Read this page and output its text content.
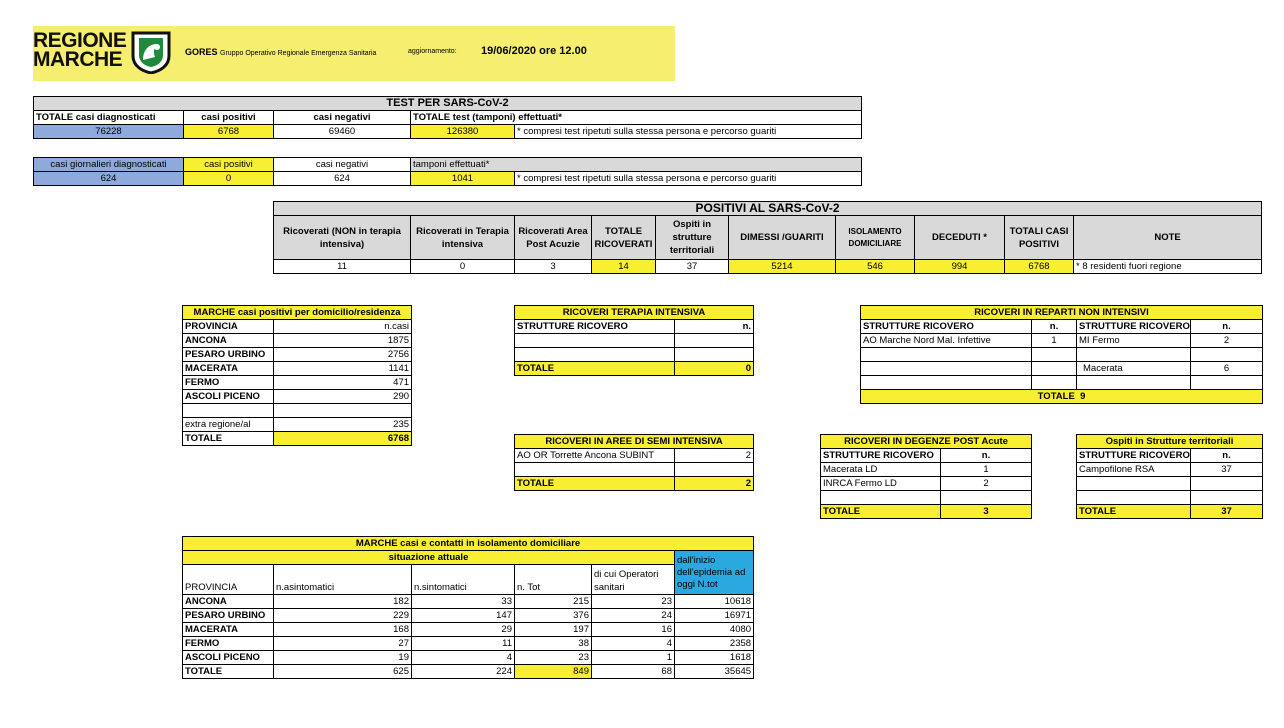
REGIONE
MARCHE	GORES Gruppo Operativo Regionale Emergenza Sanitaria	aggiornamento: 19/06/2020 ore 12.00
TEST PER SARS-CoV-2				
TOTALE casi diagnosticati	casi positivi	casi negativi	TOTALE test (tamponi) effettuati*	
76228	6768	69460	126380	* compresi test ripetuti sulla stessa persona e percorso guariti
casi giornalieri diagnosticati	casi positivi	casi negativi	tamponi effettuati*	
624	0	624	1041	* compresi test ripetuti sulla stessa persona e percorso guariti
POSITIVI AL SARS-CoV-2									
Ricoverati (NON in terapia intensiva)	Ricoverati in Terapia intensiva	Ricoverati Area Post Acuzie	TOTALE RICOVERATI	Ospiti in strutture territoriali	DIMESSI /GUARITI	ISOLAMENTO DOMICILIARE	DECEDUTI *	TOTALI CASI POSITIVI	NOTE
11	0	3	14	37	5214	546	994	6768	* 8 residenti fuori regione
MARCHE casi positivi per domicilio/residenza	
PROVINCIA	n.casi
ANCONA	1875
PESARO URBINO	2756
MACERATA	1141
FERMO	471
ASCOLI PICENO	290

extra regione/al	235
TOTALE	6768
RICOVERI TERAPIA INTENSIVA	
STRUTTURE RICOVERO	n.

TOTALE	0
RICOVERI IN REPARTI NON INTENSIVI			
STRUTTURE RICOVERO	n.	STRUTTURE RICOVERO	n.
AO Marche Nord Mal. Infettive	1	MI Fermo	2

		Macerata	6

TOTALE 9			
RICOVERI IN AREE DI SEMI INTENSIVA	
AO OR Torrette Ancona SUBINT	2

TOTALE	2
RICOVERI IN DEGENZE POST Acute	
STRUTTURE RICOVERO	n.
Macerata LD	1
INRCA Fermo LD	2

TOTALE	3
Ospiti in Strutture territoriali	
STRUTTURE RICOVERO	n.
Campofilone RSA	37

TOTALE	37
MARCHE casi e contatti in isolamento domiciliare					
situazione attuale					dall'inizio dell'epidemia ad oggi N.tot
PROVINCIA	n.asintomatici	n.sintomatici	n. Tot	di cui Operatori sanitari	
ANCONA	182	33	215	23	10618
PESARO URBINO	229	147	376	24	16971
MACERATA	168	29	197	16	4080
FERMO	27	11	38	4	2358
ASCOLI PICENO	19	4	23	1	1618
TOTALE	625	224	849	68	35645
